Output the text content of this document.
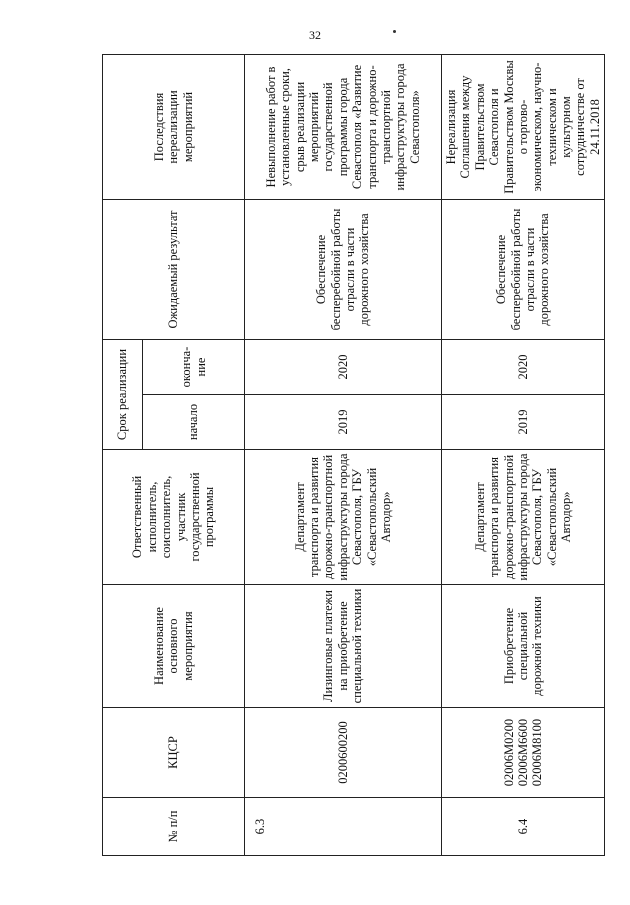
32
№ п/п	КЦСР	Наименование основного мероприятия	Ответственный исполнитель, соисполнитель, участник государственной программы	Срок реализации		Ожидаемый результат	Последствия нереализации мероприятий
				начало	оконча-ние		
6.3	0200600200	Лизинговые платежи на приобретение специальной техники	Департамент транспорта и развития дорожно-транспортной инфраструктуры города Севастополя, ГБУ «Севастопольский Автодор»	2019	2020	Обеспечение бесперебойной работы отрасли в части дорожного хозяйства	Невыполнение работ в установленные сроки, срыв реализации мероприятий государственной программы города Севастополя «Развитие транспорта и дорожно-транспортной инфраструктуры города Севастополя»
6.4	02006М0200 02006М6600 02006М8100	Приобретение специальной дорожной техники	Департамент транспорта и развития дорожно-транспортной инфраструктуры города Севастополя, ГБУ «Севастопольский Автодор»	2019	2020	Обеспечение бесперебойной работы отрасли в части дорожного хозяйства	Нереализация Соглашения между Правительством Севастополя и Правительством Москвы о торгово-экономическом, научно-техническом и культурном сотрудничестве от 24.11.2018
